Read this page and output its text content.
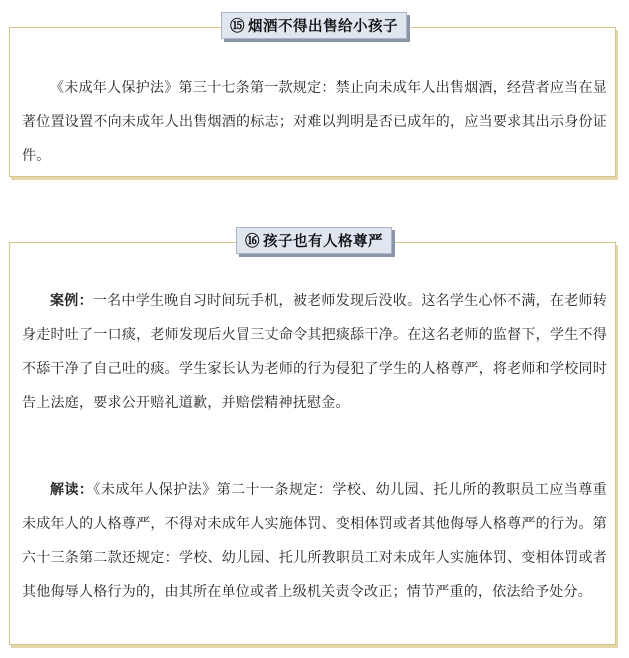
⑮ 烟酒不得出售给小孩子

《未成年人保护法》第三十七条第一款规定：禁止向未成年人出售烟酒，经营者应当在显著位置设置不向未成年人出售烟酒的标志；对难以判明是否已成年的，应当要求其出示身份证件。

⑯ 孩子也有人格尊严

案例：一名中学生晚自习时间玩手机，被老师发现后没收。这名学生心怀不满，在老师转身走时吐了一口痰，老师发现后火冒三丈命令其把痰舔干净。在这名老师的监督下，学生不得不舔干净了自己吐的痰。学生家长认为老师的行为侵犯了学生的人格尊严，将老师和学校同时告上法庭，要求公开赔礼道歉，并赔偿精神抚慰金。

解读：《未成年人保护法》第二十一条规定：学校、幼儿园、托儿所的教职员工应当尊重未成年人的人格尊严，不得对未成年人实施体罚、变相体罚或者其他侮辱人格尊严的行为。第六十三条第二款还规定：学校、幼儿园、托儿所教职员工对未成年人实施体罚、变相体罚或者其他侮辱人格行为的，由其所在单位或者上级机关责令改正；情节严重的，依法给予处分。
